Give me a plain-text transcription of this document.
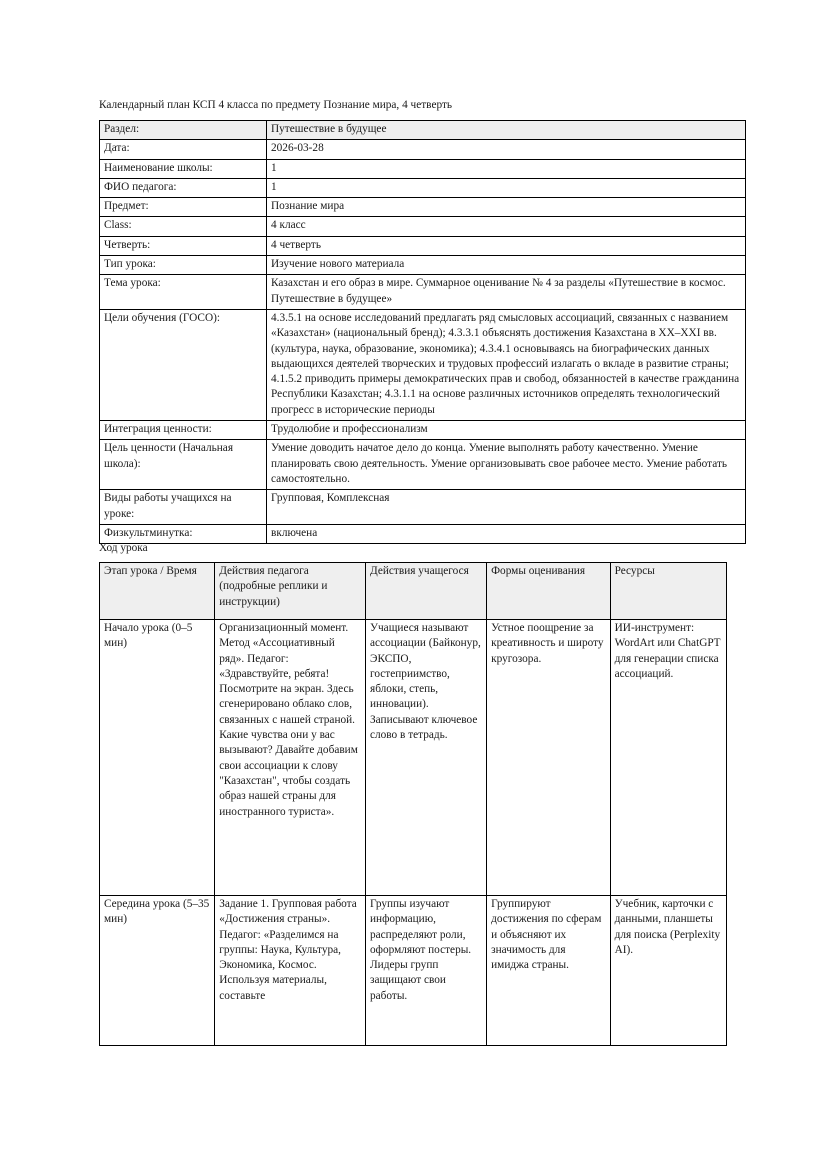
Календарный план КСП 4 класса по предмету Познание мира, 4 четверть
Раздел:	Путешествие в будущее
Дата:	2026-03-28
Наименование школы:	1
ФИО педагога:	1
Предмет:	Познание мира
Class:	4 класс
Четверть:	4 четверть
Тип урока:	Изучение нового материала
Тема урока:	Казахстан и его образ в мире. Суммарное оценивание № 4 за разделы «Путешествие в космос. Путешествие в будущее»
Цели обучения (ГОСО):	4.3.5.1 на основе исследований предлагать ряд смысловых ассоциаций, связанных с названием «Казахстан» (национальный бренд); 4.3.3.1 объяснять достижения Казахстана в XX–XXI вв. (культура, наука, образование, экономика); 4.3.4.1 основываясь на биографических данных выдающихся деятелей творческих и трудовых профессий излагать о вкладе в развитие страны; 4.1.5.2 приводить примеры демократических прав и свобод, обязанностей в качестве гражданина Республики Казахстан; 4.3.1.1 на основе различных источников определять технологический прогресс в исторические периоды
Интеграция ценности:	Трудолюбие и профессионализм
Цель ценности (Начальная школа):	Умение доводить начатое дело до конца. Умение выполнять работу качественно. Умение планировать свою деятельность. Умение организовывать свое рабочее место. Умение работать самостоятельно.
Виды работы учащихся на уроке:	Групповая, Комплексная
Физкультминутка:	включена
Ход урока
Этап урока / Время	Действия педагога (подробные реплики и инструкции)	Действия учащегося	Формы оценивания	Ресурсы
Начало урока (0–5 мин)	Организационный момент. Метод «Ассоциативный ряд». Педагог: «Здравствуйте, ребята! Посмотрите на экран. Здесь сгенерировано облако слов, связанных с нашей страной. Какие чувства они у вас вызывают? Давайте добавим свои ассоциации к слову "Казахстан", чтобы создать образ нашей страны для иностранного туриста».	Учащиеся называют ассоциации (Байконур, ЭКСПО, гостеприимство, яблоки, степь, инновации). Записывают ключевое слово в тетрадь.	Устное поощрение за креативность и широту кругозора.	ИИ-инструмент: WordArt или ChatGPT для генерации списка ассоциаций.
Середина урока (5–35 мин)	Задание 1. Групповая работа «Достижения страны». Педагог: «Разделимся на группы: Наука, Культура, Экономика, Космос. Используя материалы, составьте	Группы изучают информацию, распределяют роли, оформляют постеры. Лидеры групп защищают свои работы.	Группируют достижения по сферам и объясняют их значимость для имиджа страны.	Учебник, карточки с данными, планшеты для поиска (Perplexity AI).
